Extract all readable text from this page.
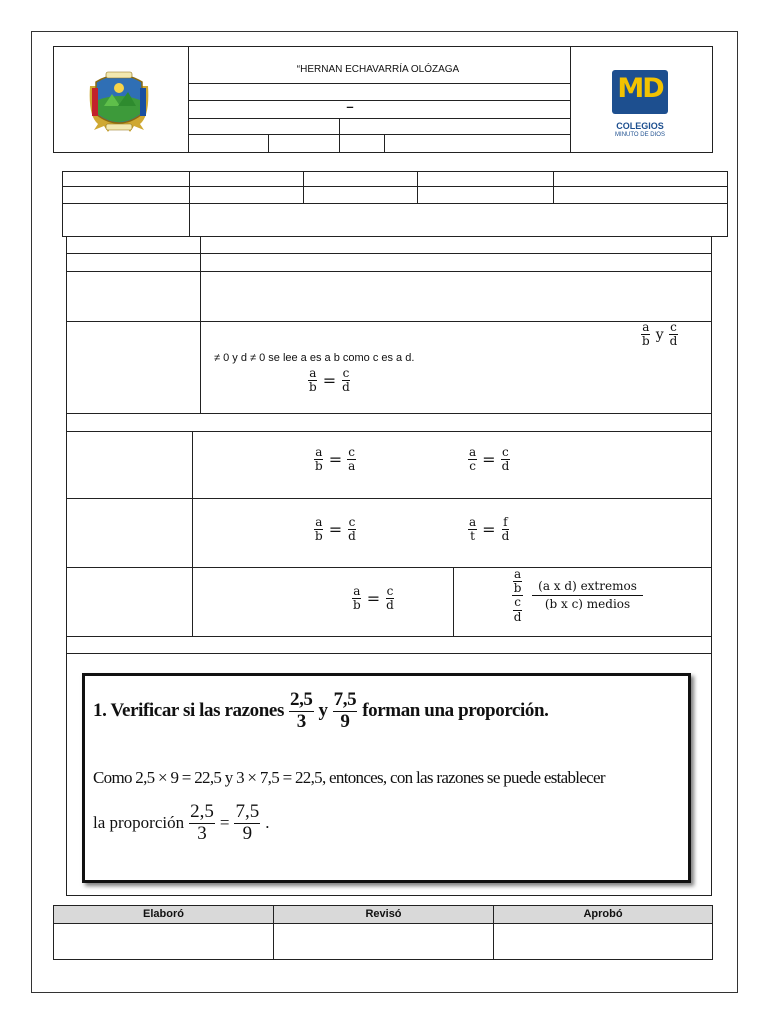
“HERNAN ECHAVARRÍA OLÓZAGA
–
MD
COLEGIOS
MINUTO DE DIOS
$\frac{a}{b}$ y $\frac{c}{d}$
≠ 0 y d ≠ 0 se lee a es a b como c es a d.
$\frac{a}{b} = \frac{c}{d}$
$\frac{a}{b} = \frac{c}{a}$	$\frac{a}{c} = \frac{c}{d}$
$\frac{a}{b} = \frac{c}{d}$	$\frac{a}{t} = \frac{f}{d}$
$\frac{a}{b} = \frac{c}{d}$	$\frac{\frac{a}{b}}{\frac{c}{d}} \frac{\text{(a x d) extremos}}{\text{(b x c) medios}}$
1. Verificar si las razones $\frac{2,5}{3}$ y $\frac{7,5}{9}$ forman una proporción.
Como 2,5 × 9 = 22,5 y 3 × 7,5 = 22,5, entonces, con las razones se puede establecer
la proporción $\frac{2,5}{3} = \frac{7,5}{9}$ .
Elaboró	Revisó	Aprobó
